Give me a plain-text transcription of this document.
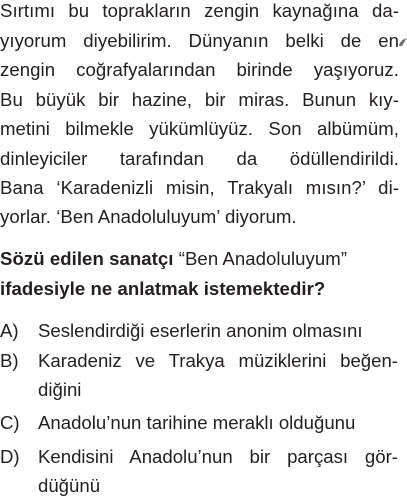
Sırtımı bu toprakların zengin kaynağına da-
yıyorum diyebilirim. Dünyanın belki de en
zengin coğrafyalarından birinde yaşıyoruz.
Bu büyük bir hazine, bir miras. Bunun kıy-
metini bilmekle yükümlüyüz. Son albümüm,
dinleyiciler tarafından da ödüllendirildi.
Bana ‘Karadenizli misin, Trakyalı mısın?’ di-
yorlar. ‘Ben Anadoluluyum’ diyorum.
Sözü edilen sanatçı “Ben Anadoluluyum”
ifadesiyle ne anlatmak istemektedir?
A) Seslendirdiği eserlerin anonim olmasını
B) Karadeniz ve Trakya müziklerini beğen-
diğini
C) Anadolu’nun tarihine meraklı olduğunu
D) Kendisini Anadolu’nun bir parçası gör-
düğünü
